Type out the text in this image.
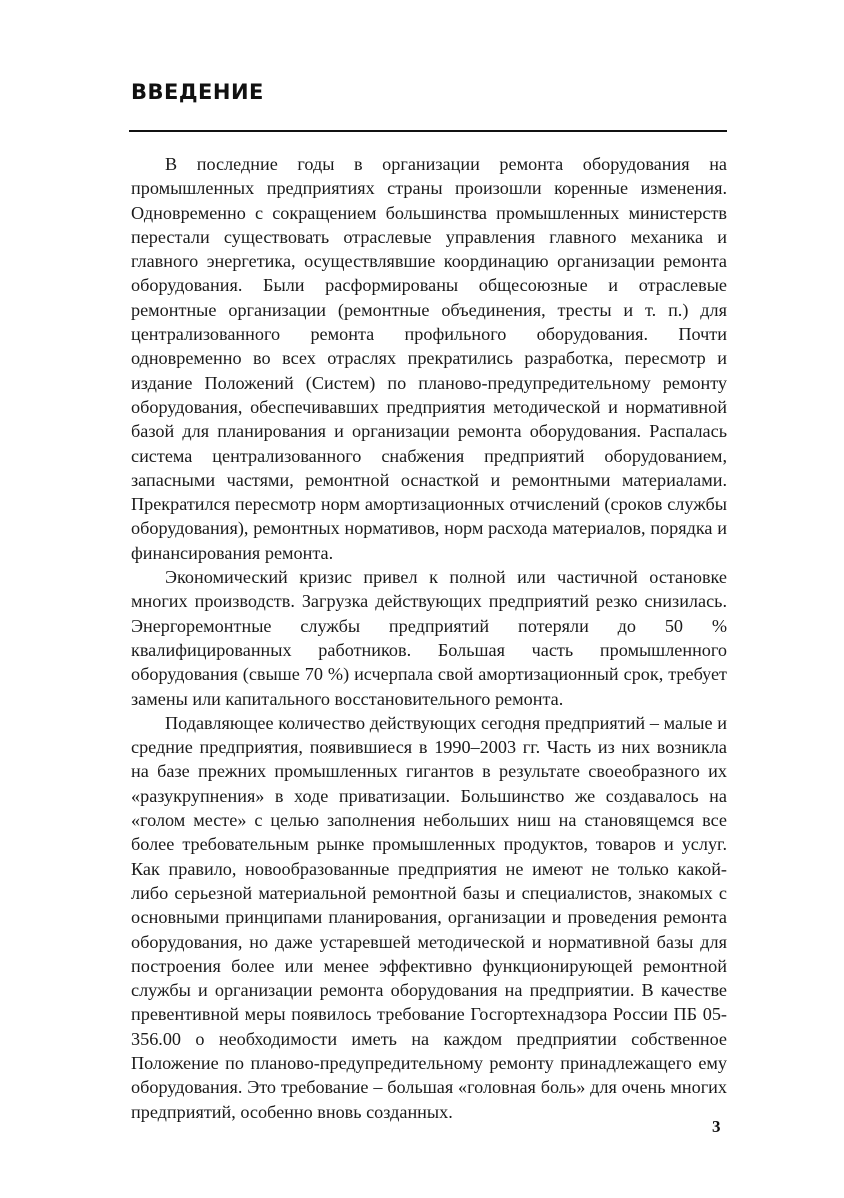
ВВЕДЕНИЕ

В последние годы в организации ремонта оборудования на промышленных предприятиях страны произошли коренные изменения. Одновременно с сокращением большинства промышленных министерств перестали существовать отраслевые управления главного механика и главного энергетика, осуществлявшие координацию организации ремонта оборудования. Были расформированы общесоюзные и отраслевые ремонтные организации (ремонтные объединения, тресты и т. п.) для централизованного ремонта профильного оборудования. Почти одновременно во всех отраслях прекратились разработка, пересмотр и издание Положений (Систем) по планово-предупредительному ремонту оборудования, обеспечивавших предприятия методической и нормативной базой для планирования и организации ремонта оборудования. Распалась система централизованного снабжения предприятий оборудованием, запасными частями, ремонтной оснасткой и ремонтными материалами. Прекратился пересмотр норм амортизационных отчислений (сроков службы оборудования), ремонтных нормативов, норм расхода материалов, порядка и финансирования ремонта.

Экономический кризис привел к полной или частичной остановке многих производств. Загрузка действующих предприятий резко снизилась. Энергоремонтные службы предприятий потеряли до 50 % квалифицированных работников. Большая часть промышленного оборудования (свыше 70 %) исчерпала свой амортизационный срок, требует замены или капитального восстановительного ремонта.

Подавляющее количество действующих сегодня предприятий – малые и средние предприятия, появившиеся в 1990–2003 гг. Часть из них возникла на базе прежних промышленных гигантов в результате своеобразного их «разукрупнения» в ходе приватизации. Большинство же создавалось на «голом месте» с целью заполнения небольших ниш на становящемся все более требовательным рынке промышленных продуктов, товаров и услуг. Как правило, новообразованные предприятия не имеют не только какой-либо серьезной материальной ремонтной базы и специалистов, знакомых с основными принципами планирования, организации и проведения ремонта оборудования, но даже устаревшей методической и нормативной базы для построения более или менее эффективно функционирующей ремонтной службы и организации ремонта оборудования на предприятии. В качестве превентивной меры появилось требование Госгортехнадзора России ПБ 05-356.00 о необходимости иметь на каждом предприятии собственное Положение по планово-предупредительному ремонту принадлежащего ему оборудования. Это требование – большая «головная боль» для очень многих предприятий, особенно вновь созданных.

3
